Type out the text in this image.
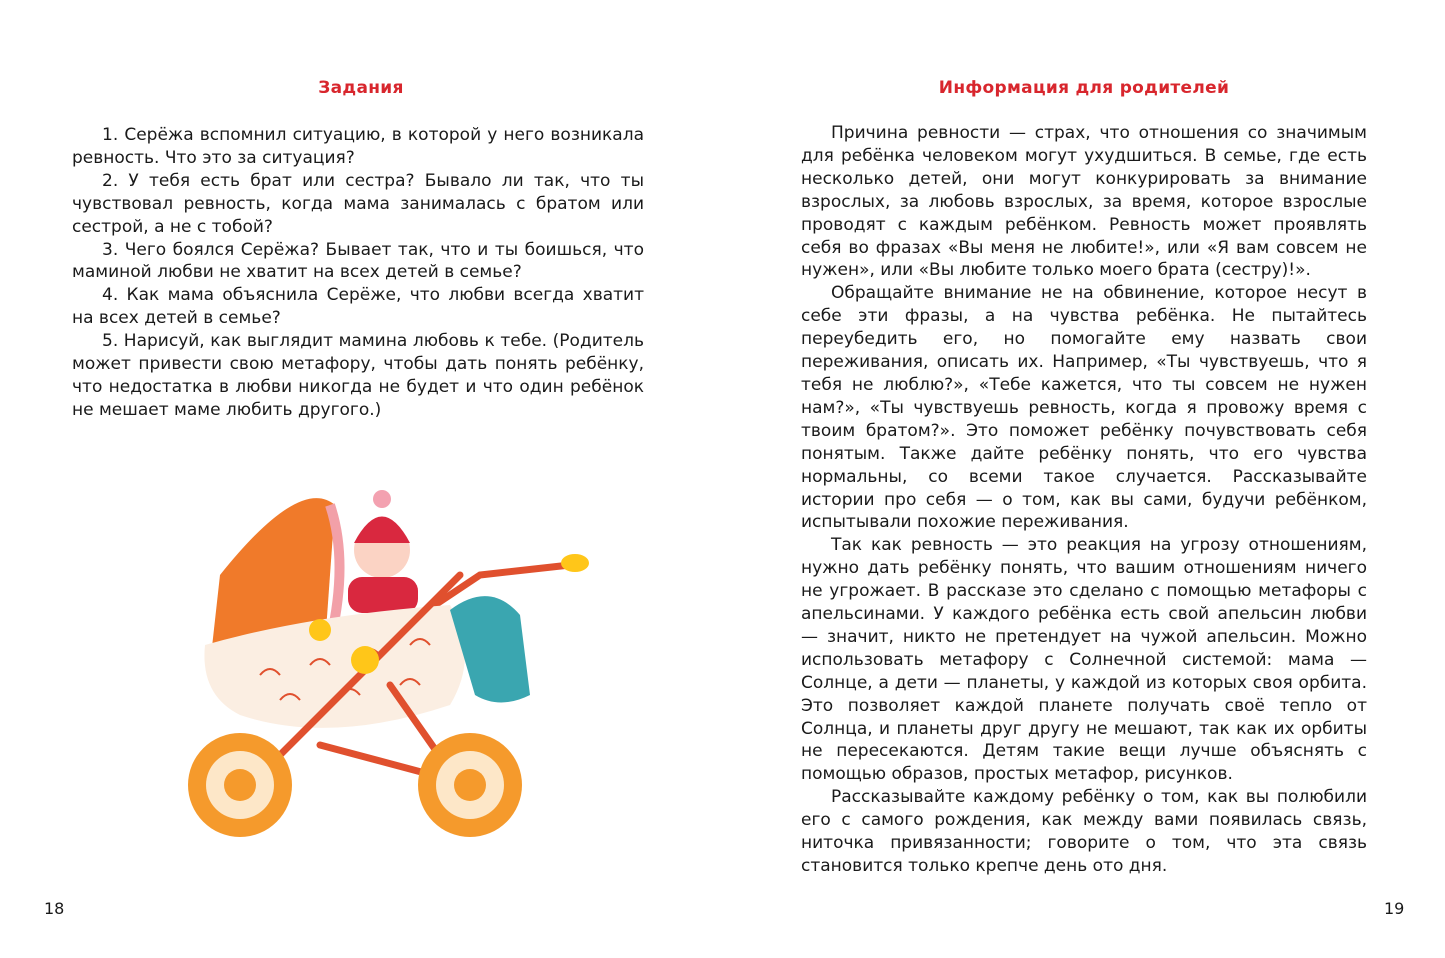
Задания

1. Серёжа вспомнил ситуацию, в которой у него возникала ревность. Что это за ситуация?

2. У тебя есть брат или сестра? Бывало ли так, что ты чувствовал ревность, когда мама занималась с братом или сестрой, а не с тобой?

3. Чего боялся Серёжа? Бывает так, что и ты боишься, что маминой любви не хватит на всех детей в семье?

4. Как мама объяснила Серёже, что любви всегда хватит на всех детей в семье?

5. Нарисуй, как выглядит мамина любовь к тебе. (Родитель может привести свою метафору, чтобы дать понять ребёнку, что недостатка в любви никогда не будет и что один ребёнок не мешает маме любить другого.)

18
Информация для родителей

Причина ревности — страх, что отношения со значимым для ребёнка человеком могут ухудшиться. В семье, где есть несколько детей, они могут конкурировать за внимание взрослых, за любовь взрослых, за время, которое взрослые проводят с каждым ребёнком. Ревность может проявлять себя во фразах «Вы меня не любите!», или «Я вам совсем не нужен», или «Вы любите только моего брата (сестру)!».

Обращайте внимание не на обвинение, которое несут в себе эти фразы, а на чувства ребёнка. Не пытайтесь переубедить его, но помогайте ему назвать свои переживания, описать их. Например, «Ты чувствуешь, что я тебя не люблю?», «Тебе кажется, что ты совсем не нужен нам?», «Ты чувствуешь ревность, когда я провожу время с твоим братом?». Это поможет ребёнку почувствовать себя понятым. Также дайте ребёнку понять, что его чувства нормальны, со всеми такое случается. Рассказывайте истории про себя — о том, как вы сами, будучи ребёнком, испытывали похожие переживания.

Так как ревность — это реакция на угрозу отношениям, нужно дать ребёнку понять, что вашим отношениям ничего не угрожает. В рассказе это сделано с помощью метафоры с апельсинами. У каждого ребёнка есть свой апельсин любви — значит, никто не претендует на чужой апельсин. Можно использовать метафору с Солнечной системой: мама — Солнце, а дети — планеты, у каждой из которых своя орбита. Это позволяет каждой планете получать своё тепло от Солнца, и планеты друг другу не мешают, так как их орбиты не пересекаются. Детям такие вещи лучше объяснять с помощью образов, простых метафор, рисунков.

Рассказывайте каждому ребёнку о том, как вы полюбили его с самого рождения, как между вами появилась связь, ниточка привязанности; говорите о том, что эта связь становится только крепче день ото дня.

19
